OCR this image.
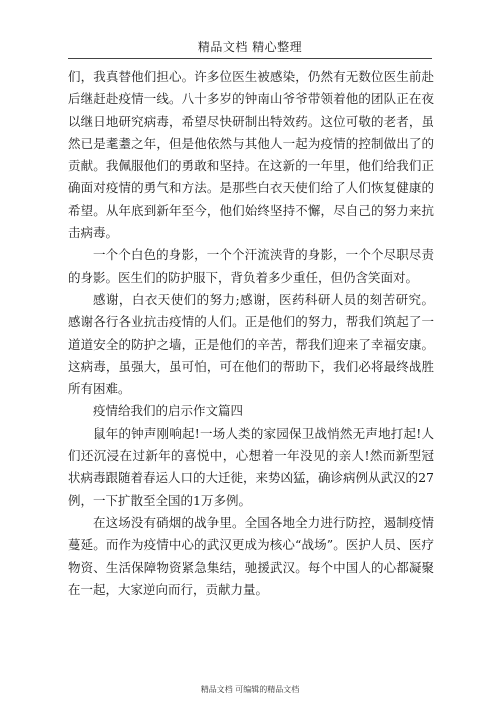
精品文档 精心整理

们，我真替他们担心。许多位医生被感染，仍然有无数位医生前赴后继赶赴疫情一线。八十多岁的钟南山爷爷带领着他的团队正在夜以继日地研究病毒，希望尽快研制出特效药。这位可敬的老者，虽然已是耄耋之年，但是他依然与其他人一起为疫情的控制做出了的贡献。我佩服他们的勇敢和坚持。在这新的一年里，他们给我们正确面对疫情的勇气和方法。是那些白衣天使们给了人们恢复健康的希望。从年底到新年至今，他们始终坚持不懈，尽自己的努力来抗击病毒。

一个个白色的身影，一个个汗流浃背的身影，一个个尽职尽责的身影。医生们的防护服下，背负着多少重任，但仍含笑面对。

感谢，白衣天使们的努力;感谢，医药科研人员的刻苦研究。感谢各行各业抗击疫情的人们。正是他们的努力，帮我们筑起了一道道安全的防护之墙，正是他们的辛苦，帮我们迎来了幸福安康。这病毒，虽强大，虽可怕，可在他们的帮助下，我们必将最终战胜所有困难。

疫情给我们的启示作文篇四

鼠年的钟声刚响起!一场人类的家园保卫战悄然无声地打起!人们还沉浸在过新年的喜悦中，心想着一年没见的亲人!然而新型冠状病毒跟随着春运人口的大迁徙，来势凶猛，确诊病例从武汉的27例，一下扩散至全国的1万多例。

在这场没有硝烟的战争里。全国各地全力进行防控，遏制疫情蔓延。而作为疫情中心的武汉更成为核心“战场”。医护人员、医疗物资、生活保障物资紧急集结，驰援武汉。每个中国人的心都凝聚在一起，大家逆向而行，贡献力量。

精品文档 可编辑的精品文档
